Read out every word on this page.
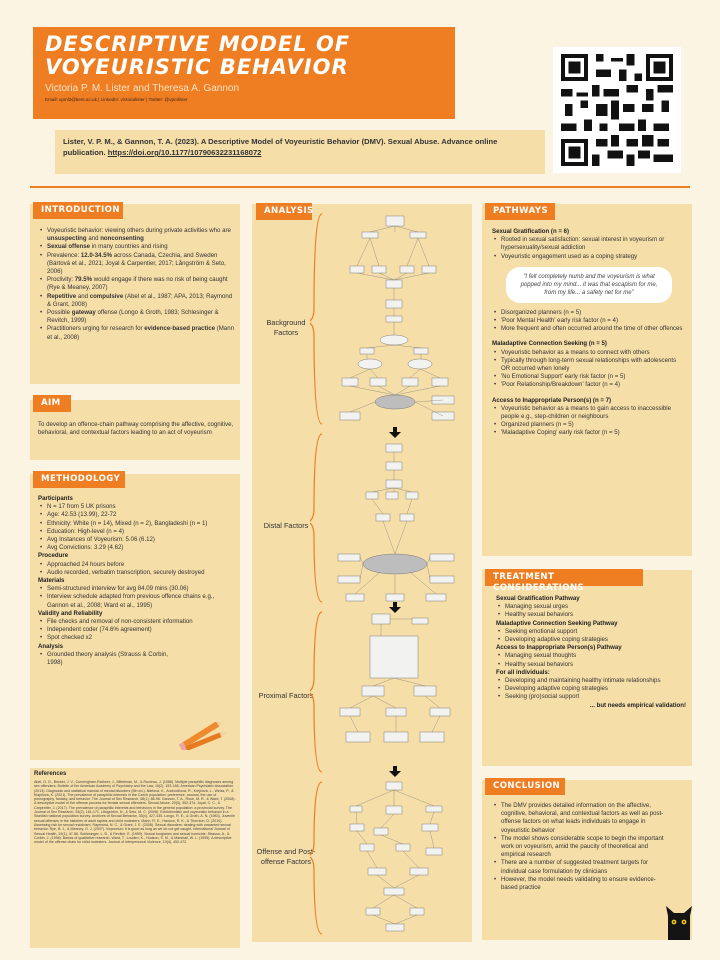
DESCRIPTIVE MODEL OF VOYEURISTIC BEHAVIOR
Victoria P. M. Lister and Theresa A. Gannon
Email: vpml2@kent.ac.uk | LinkedIn: victorialister | Twitter: @vpmlister
Lister, V. P. M., & Gannon, T. A. (2023). A Descriptive Model of Voyeuristic Behavior (DMV). Sexual Abuse. Advance online publication. https://doi.org/10.1177/10790632231168072
INTRODUCTION
• Voyeuristic behavior: viewing others during private activities who are unsuspecting and nonconsenting
• Sexual offense in many countries and rising
• Prevalence: 12.0-34.5% across Canada, Czechia, and Sweden (Bártová et al., 2021; Joyal & Carpentier, 2017; Långström & Seto, 2006)
• Proclivity: 79.5% would engage if there was no risk of being caught (Rye & Meaney, 2007)
• Repetitive and compulsive (Abel et al., 1987; APA, 2013; Raymond & Grant, 2008)
• Possible gateway offense (Longo & Groth, 1983; Schlesinger & Revitch, 1999)
• Practitioners urging for research for evidence-based practice (Mann et al., 2008)
AIM
To develop an offence-chain pathway comprising the affective, cognitive, behavioral, and contextual factors leading to an act of voyeurism
METHODOLOGY
Participants
• N = 17 from 5 UK prisons
• Age: 42.53 (13.99), 22-72
• Ethnicity: White (n = 14), Mixed (n = 2), Bangladeshi (n = 1)
• Education: High-level (n = 4)
• Avg Instances of Voyeurism: 5.06 (6.12)
• Avg Convictions: 3.29 (4.62)
Procedure
• Approached 24 hours before
• Audio recorded, verbatim transcription, securely destroyed
Materials
• Semi-structured interview for avg 84.09 mins (30.06)
• Interview schedule adapted from previous offence chains e.g., Gannon et al., 2008; Ward et al., 1995)
Validity and Reliability
• File checks and removal of non-consistent information
• Independent coder (74.6% agreement)
• Spot checked x2
Analysis
• Grounded theory analysis (Strauss & Corbin, 1998)
References
Abel, G. G., Becker, J. V., Cunningham-Rathner, J., Mittelman, M., & Rouleau, J. (1988). Multiple paraphilic diagnoses among sex offenders. Bulletin of the American Academy of Psychiatry and the Law, 16(2), 153-168. American Psychiatric Association. (2013). Diagnostic and statistical manual of mental disorders (5th ed.). Bártová, K., Androvičová, R., Krejčová, L., Weiss, P., & Klapilová, K. (2021). The prevalence of paraphilic interests in the Czech population: preference, arousal, the use of pornography, fantasy, and behavior. The Journal of Sex Research, 58(1), 86-96. Gannon, T. A., Rose, M. R., & Ward, T. (2008). A descriptive model of the offense process for female sexual offenders. Sexual Abuse, 20(3), 352-374. Joyal, C. C., & Carpentier, J. (2017). The prevalence of paraphilic interests and behaviors in the general population: a provincial survey. The Journal of Sex Research, 54(2), 161-171. Långström, N., & Seto, M. C. (2006). Exhibitionistic and voyeuristic behavior in a Swedish national population survey. Archives of Sexual Behavior, 35(4), 427-435. Longo, R. E., & Groth, A. N. (1983). Juvenile sexual offenses in the histories of adult rapists and child molesters. Mann, R. E., Hanson, R. K., & Thornton, D. (2010). Assessing risk for sexual recidivism. Raymond, N. C., & Grant, J. E. (2008). Sexual disorders: dealing with unwanted sexual behavior. Rye, B. J., & Meaney, G. J. (2007). Voyeurism: It is good as long as we do not get caught. International Journal of Sexual Health, 19(1), 47-56. Schlesinger, L. B., & Revitch, E. (1999). Sexual burglaries and sexual homicide. Strauss, A., & Corbin, J. (1998). Basics of qualitative research. Ward, T., Louden, K., Hudson, S. M., & Marshall, W. L. (1995). A descriptive model of the offense chain for child molesters. Journal of Interpersonal Violence, 10(4), 452-472.
ANALYSIS
Background Factors
Distal Factors
Proximal Factors
Offense and Post-offense Factors
PATHWAYS
Sexual Gratification (n = 6)
• Rooted in sexual satisfaction: sexual interest in voyeurism or hypersexuality/sexual addiction
• Voyeuristic engagement used as a coping strategy
"I felt completely numb and the voyeurism is what popped into my mind... it was that escapism for me, from my life... a safety net for me"
• Disorganized planners (n = 5)
• 'Poor Mental Health' early risk factor (n = 4)
• More frequent and often occurred around the time of other offences
Maladaptive Connection Seeking (n = 5)
• Voyeuristic behavior as a means to connect with others
• Typically through long-term sexual relationships with adolescents OR occurred when lonely
• 'No Emotional Support' early risk factor (n = 5)
• 'Poor Relationship/Breakdown' factor (n = 4)
Access to Inappropriate Person(s) (n = 7)
• Voyeuristic behavior as a means to gain access to inaccessible people e.g., step-children or neighbours
• Organized planners (n = 5)
• 'Maladaptive Coping' early risk factor (n = 5)
TREATMENT CONSIDERATIONS
Sexual Gratification Pathway
• Managing sexual urges
• Healthy sexual behaviors
Maladaptive Connection Seeking Pathway
• Seeking emotional support
• Developing adaptive coping strategies
Access to Inappropriate Person(s) Pathway
• Managing sexual thoughts
• Healthy sexual behaviors
For all individuals:
• Developing and maintaining healthy intimate relationships
• Developing adaptive coping strategies
• Seeking (pro)social support
... but needs empirical validation!
CONCLUSION
• The DMV provides detailed information on the affective, cognitive, behavioral, and contextual factors as well as post-offense factors on what leads individuals to engage in voyeuristic behavior
• The model shows considerable scope to begin the important work on voyeurism, amid the paucity of theoretical and empirical research
• There are a number of suggested treatment targets for individual case formulation by clinicians
• However, the model needs validating to ensure evidence-based practice
